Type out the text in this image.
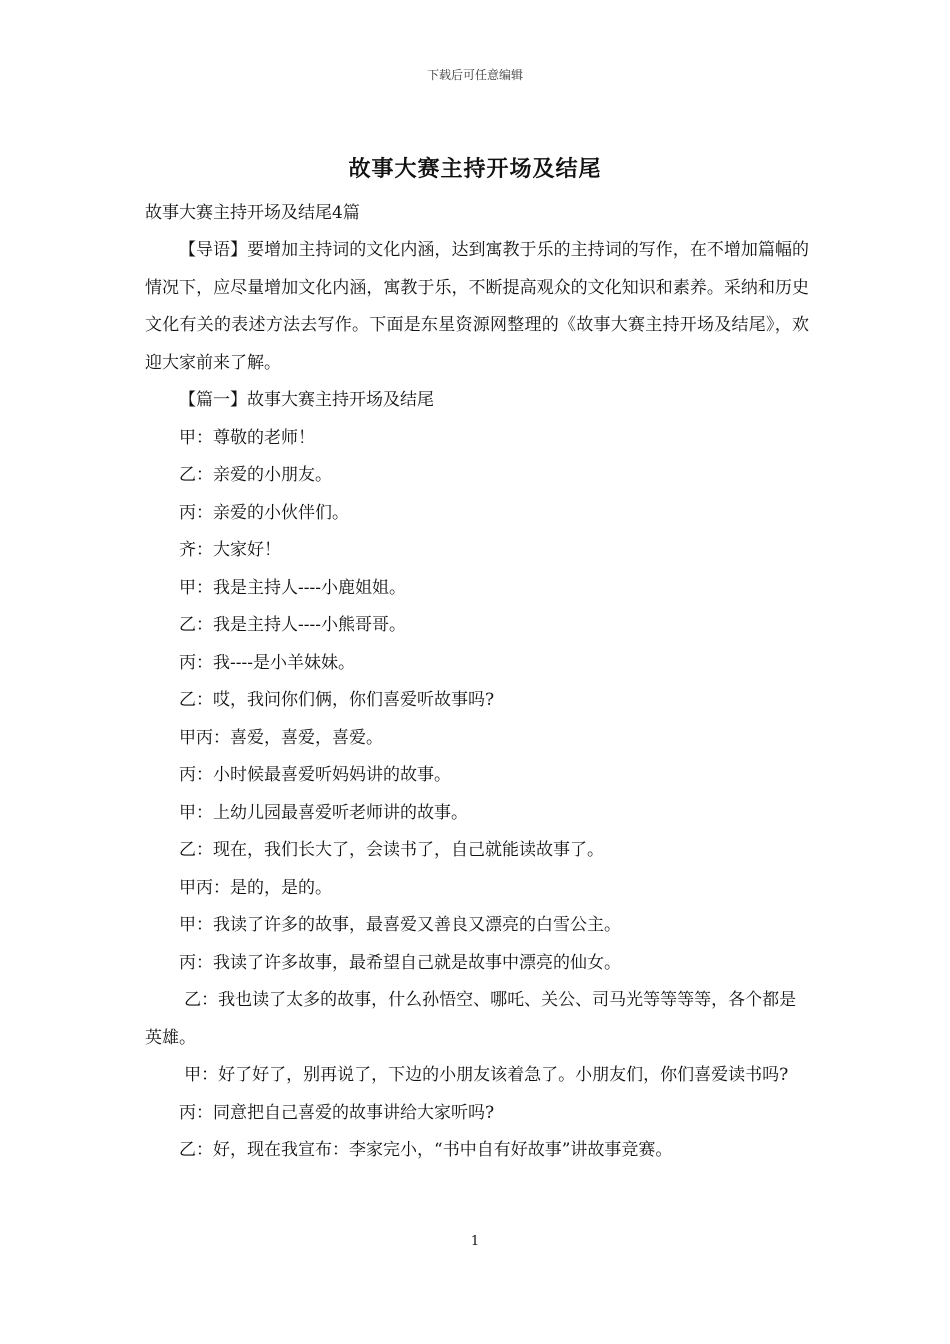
下载后可任意编辑
故事大赛主持开场及结尾

故事大赛主持开场及结尾4篇

【导语】要增加主持词的文化内涵，达到寓教于乐的主持词的写作，在不增加篇幅的情况下，应尽量增加文化内涵，寓教于乐，不断提高观众的文化知识和素养。采纳和历史文化有关的表述方法去写作。下面是东星资源网整理的《故事大赛主持开场及结尾》，欢迎大家前来了解。

【篇一】故事大赛主持开场及结尾

甲：尊敬的老师！

乙：亲爱的小朋友。

丙：亲爱的小伙伴们。

齐：大家好！

甲：我是主持人----小鹿姐姐。

乙：我是主持人----小熊哥哥。

丙：我----是小羊妹妹。

乙：哎，我问你们俩，你们喜爱听故事吗?

甲丙：喜爱，喜爱，喜爱。

丙：小时候最喜爱听妈妈讲的故事。

甲：上幼儿园最喜爱听老师讲的故事。

乙：现在，我们长大了，会读书了，自己就能读故事了。

甲丙：是的，是的。

甲：我读了许多的故事，最喜爱又善良又漂亮的白雪公主。

丙：我读了许多故事，最希望自己就是故事中漂亮的仙女。

乙：我也读了太多的故事，什么孙悟空、哪吒、关公、司马光等等等等，各个都是英雄。

甲：好了好了，别再说了，下边的小朋友该着急了。小朋友们，你们喜爱读书吗?

丙：同意把自己喜爱的故事讲给大家听吗?

乙：好，现在我宣布：李家完小，“书中自有好故事”讲故事竞赛。

1
